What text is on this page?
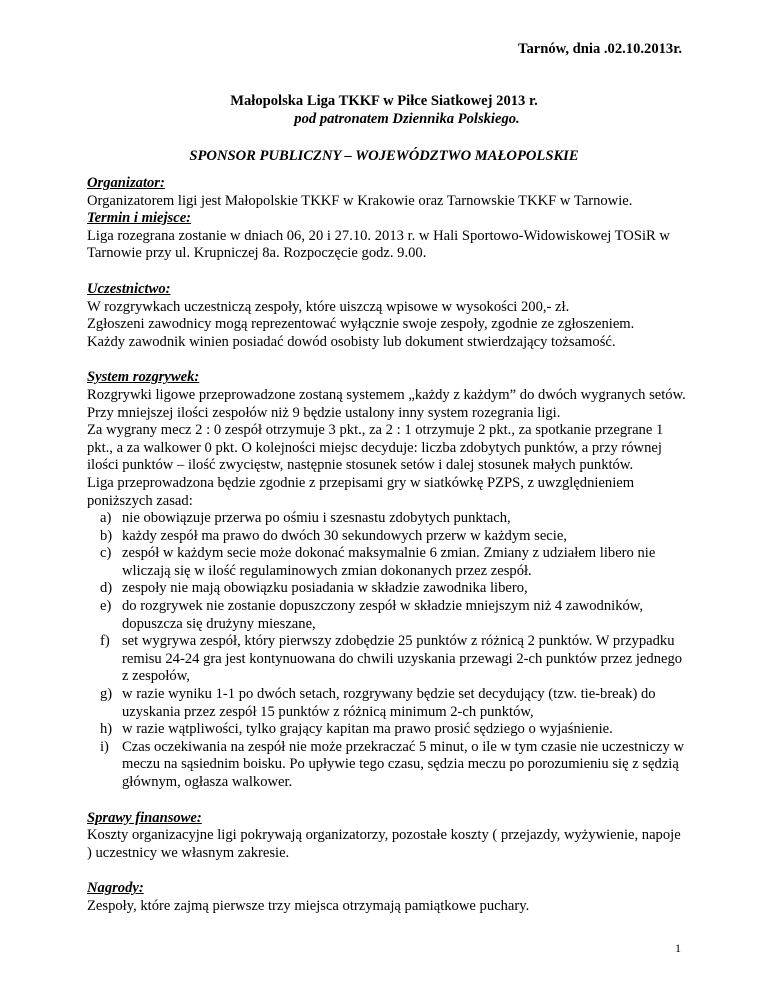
Tarnów, dnia .02.10.2013r.
Małopolska Liga TKKF w Piłce Siatkowej 2013 r.
pod patronatem Dziennika Polskiego.
SPONSOR PUBLICZNY – WOJEWÓDZTWO MAŁOPOLSKIE
Organizator:
Organizatorem ligi jest Małopolskie TKKF w Krakowie oraz Tarnowskie TKKF w Tarnowie.
Termin i miejsce:
Liga rozegrana zostanie w dniach 06, 20 i 27.10. 2013 r. w Hali Sportowo-Widowiskowej TOSiR w Tarnowie przy ul. Krupniczej 8a. Rozpoczęcie godz. 9.00.
Uczestnictwo:
W rozgrywkach uczestniczą zespoły, które uiszczą wpisowe w wysokości 200,- zł.
Zgłoszeni zawodnicy mogą reprezentować wyłącznie swoje zespoły, zgodnie ze zgłoszeniem.
Każdy zawodnik winien posiadać dowód osobisty lub dokument stwierdzający tożsamość.
System rozgrywek:
Rozgrywki ligowe przeprowadzone zostaną systemem „każdy z każdym” do dwóch wygranych setów. Przy mniejszej ilości zespołów niż 9 będzie ustalony inny system rozegrania ligi.
Za wygrany mecz 2 : 0 zespół otrzymuje 3 pkt., za 2 : 1 otrzymuje 2 pkt., za spotkanie przegrane 1 pkt., a za walkower 0 pkt. O kolejności miejsc decyduje: liczba zdobytych punktów, a przy równej ilości punktów – ilość zwycięstw, następnie stosunek setów i dalej stosunek małych punktów.
Liga przeprowadzona będzie zgodnie z przepisami gry w siatkówkę PZPS, z uwzględnieniem poniższych zasad:
a) nie obowiązuje przerwa po ośmiu i szesnastu zdobytych punktach,
b) każdy zespół ma prawo do dwóch 30 sekundowych przerw w każdym secie,
c) zespół w każdym secie może dokonać maksymalnie 6 zmian. Zmiany z udziałem libero nie wliczają się w ilość regulaminowych zmian dokonanych przez zespół.
d) zespoły nie mają obowiązku posiadania w składzie zawodnika libero,
e) do rozgrywek nie zostanie dopuszczony zespół w składzie mniejszym niż 4 zawodników, dopuszcza się drużyny mieszane,
f) set wygrywa zespół, który pierwszy zdobędzie 25 punktów z różnicą 2 punktów. W przypadku remisu 24-24 gra jest kontynuowana do chwili uzyskania przewagi 2-ch punktów przez jednego z zespołów,
g) w razie wyniku 1-1 po dwóch setach, rozgrywany będzie set decydujący (tzw. tie-break) do uzyskania przez zespół 15 punktów z różnicą minimum 2-ch punktów,
h) w razie wątpliwości, tylko grający kapitan ma prawo prosić sędziego o wyjaśnienie.
i) Czas oczekiwania na zespół nie może przekraczać 5 minut, o ile w tym czasie nie uczestniczy w meczu na sąsiednim boisku. Po upływie tego czasu, sędzia meczu po porozumieniu się z sędzią głównym, ogłasza walkower.
Sprawy finansowe:
Koszty organizacyjne ligi pokrywają organizatorzy, pozostałe koszty ( przejazdy, wyżywienie, napoje ) uczestnicy we własnym zakresie.
Nagrody:
Zespoły, które zajmą pierwsze trzy miejsca otrzymają pamiątkowe puchary.
1
